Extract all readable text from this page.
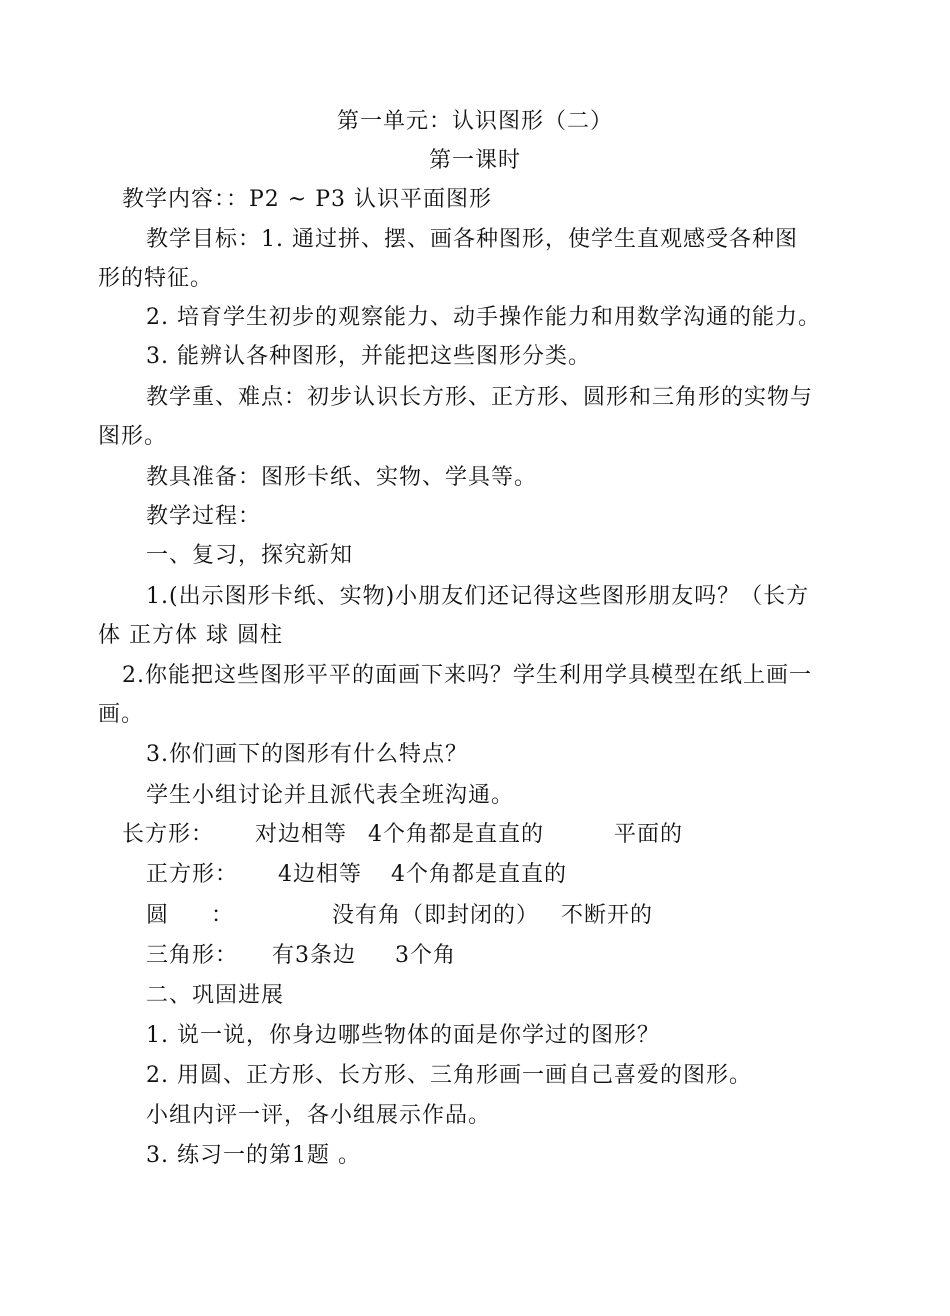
第一单元：认识图形（二）
第一课时
教学内容：：P2 ~ P3 认识平面图形
教学目标：1. 通过拼、摆、画各种图形，使学生直观感受各种图
形的特征。
2. 培育学生初步的观察能力、动手操作能力和用数学沟通的能力。
3. 能辨认各种图形，并能把这些图形分类。
教学重、难点：初步认识长方形、正方形、圆形和三角形的实物与
图形。
教具准备：图形卡纸、实物、学具等。
教学过程：
一、复习，探究新知
1.(出示图形卡纸、实物)小朋友们还记得这些图形朋友吗？（长方
体 正方体 球 圆柱
2.你能把这些图形平平的面画下来吗？学生利用学具模型在纸上画一
画。
3.你们画下的图形有什么特点？
学生小组讨论并且派代表全班沟通。
长方形： 对边相等 4个角都是直直的	平面的
正方形： 4边相等 4个角都是直直的
圆 ：	没有角（即封闭的） 不断开的
三角形： 有3条边 3个角
二、巩固进展
1. 说一说，你身边哪些物体的面是你学过的图形？
2. 用圆、正方形、长方形、三角形画一画自己喜爱的图形。
小组内评一评，各小组展示作品。
3. 练习一的第1题 。
